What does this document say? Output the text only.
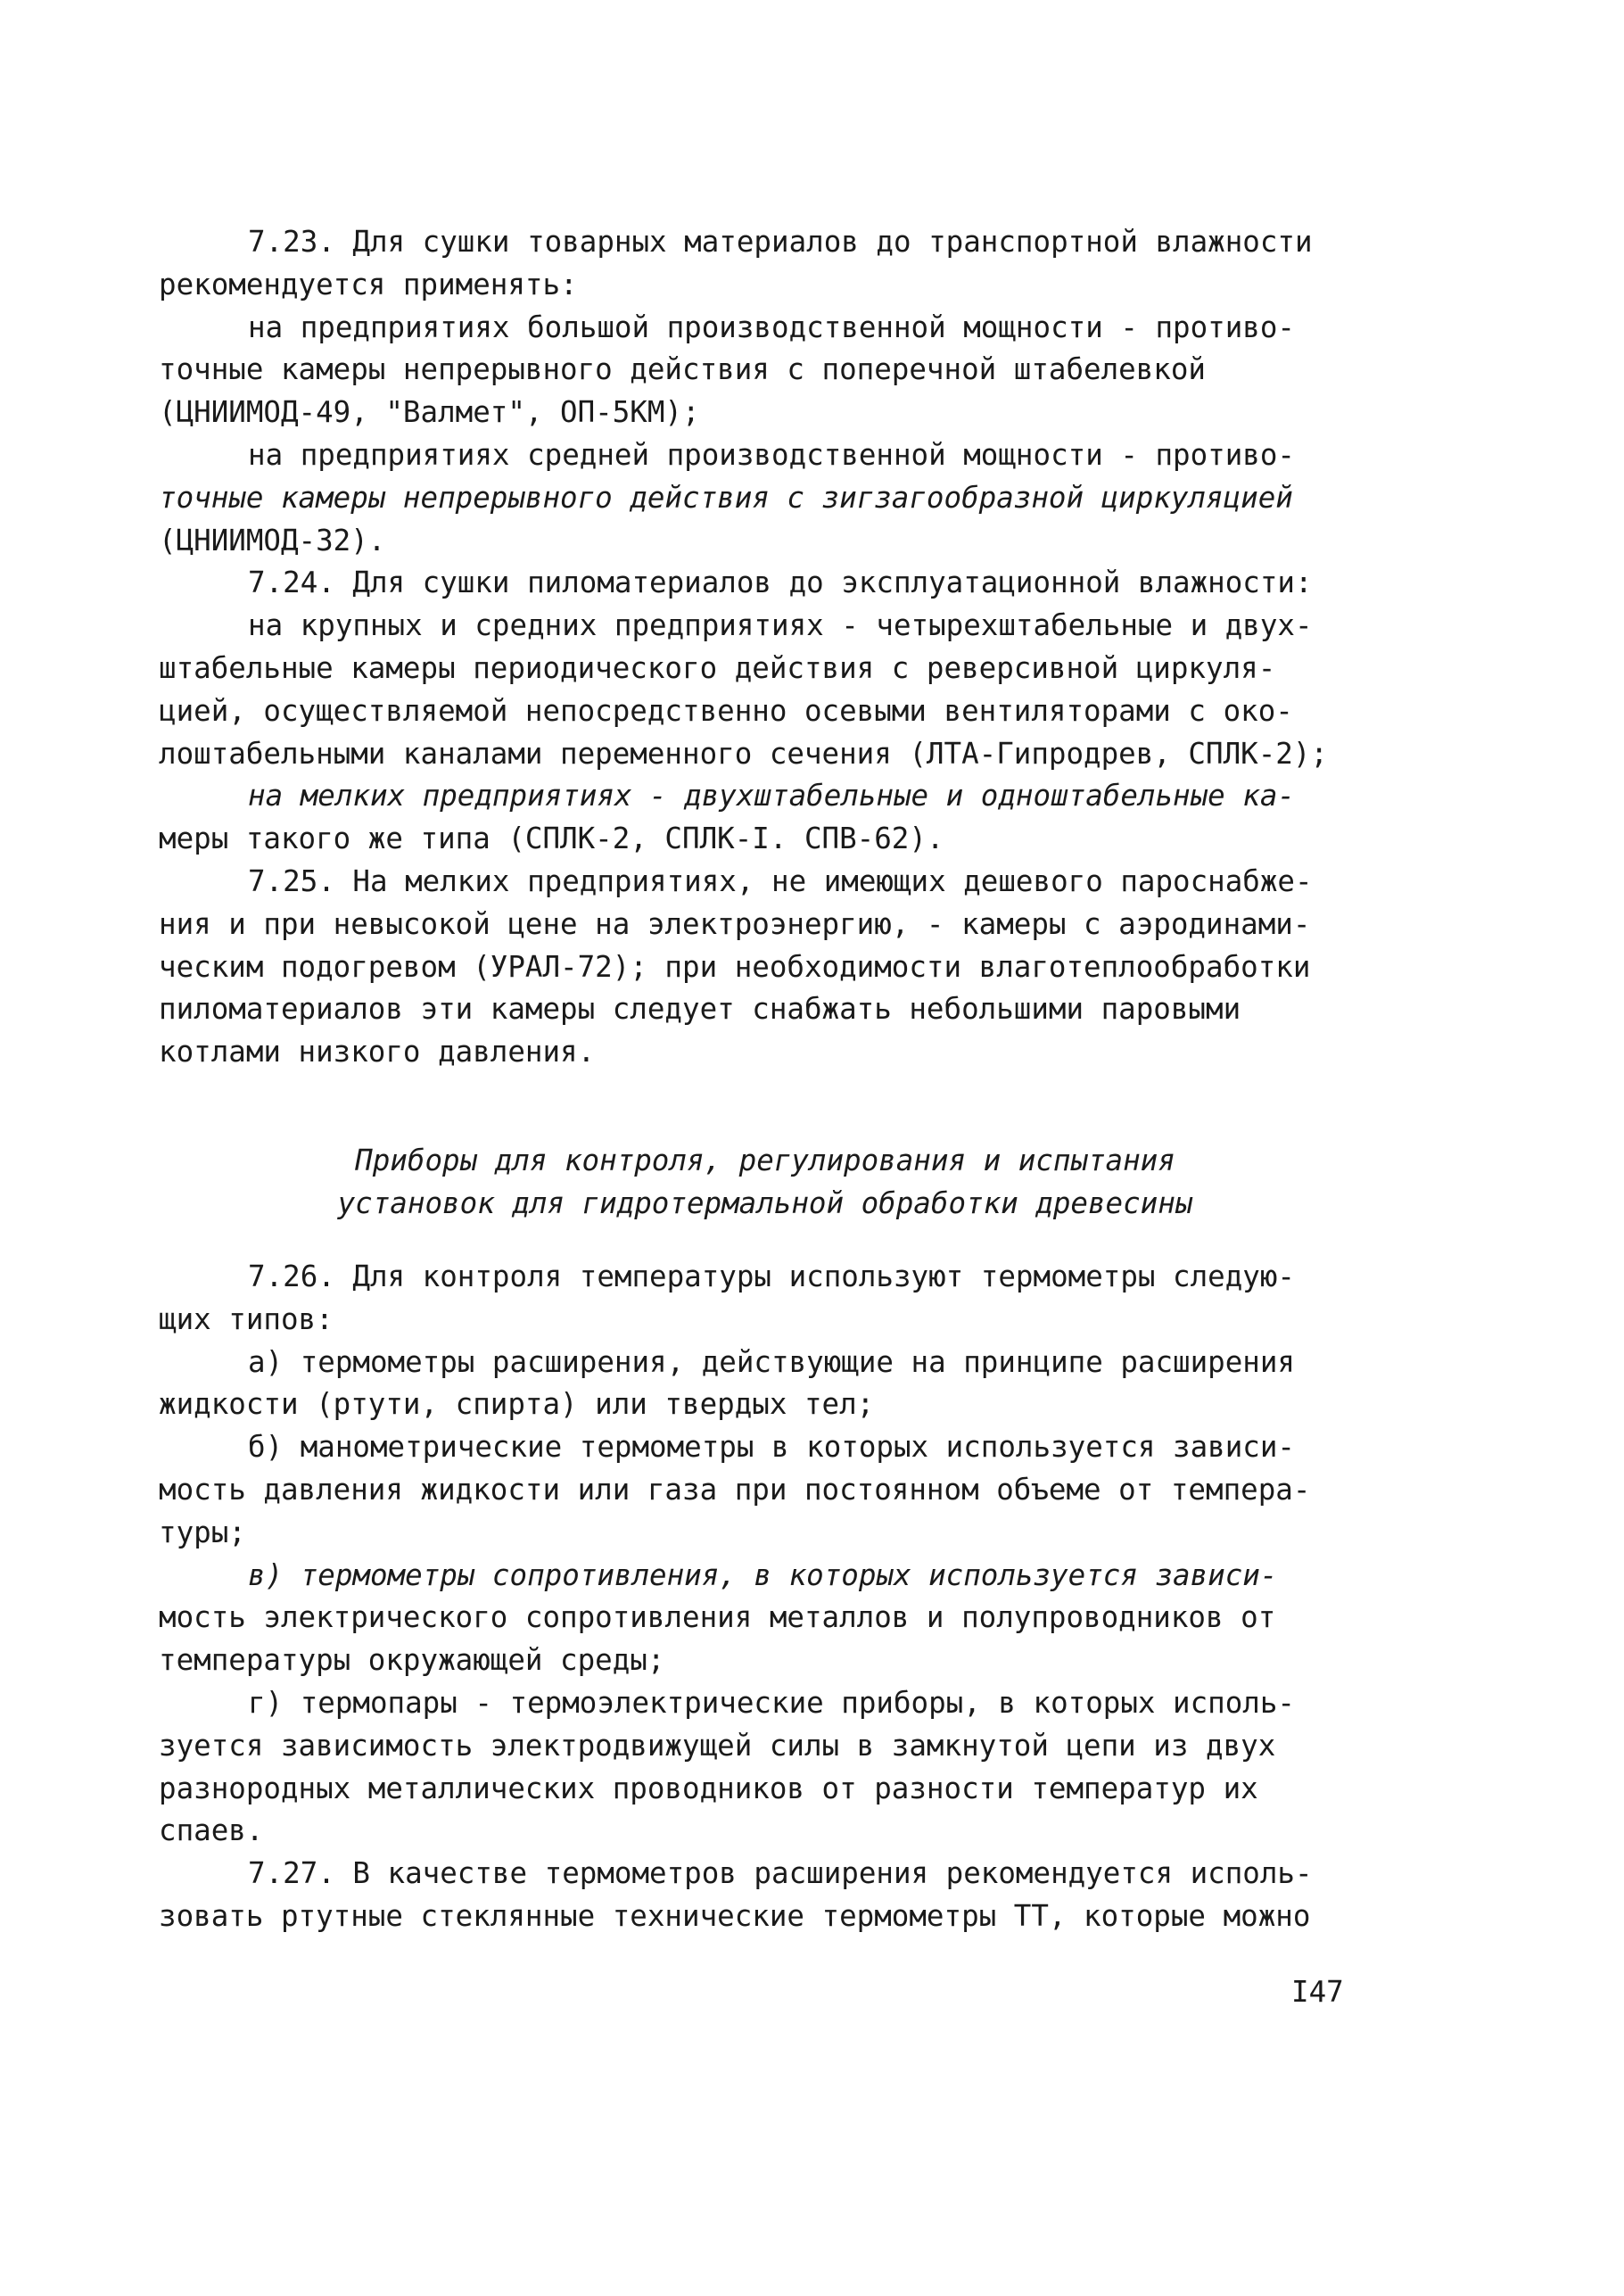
7.23. Для сушки товарных материалов до транспортной влажности
рекомендуется применять:
на предприятиях большой производственной мощности - противо-
точные камеры непрерывного действия с поперечной штабелевкой
(ЦНИИМОД-49, "Валмет", ОП-5КМ);
на предприятиях средней производственной мощности - противо-
точные камеры непрерывного действия с зигзагообразной циркуляцией
(ЦНИИМОД-32).
7.24. Для сушки пиломатериалов до эксплуатационной влажности:
на крупных и средних предприятиях - четырехштабельные и двух-
штабельные камеры периодического действия с реверсивной циркуля-
цией, осуществляемой непосредственно осевыми вентиляторами с око-
лоштабельными каналами переменного сечения (ЛТА-Гипродрев, СПЛК-2);
на мелких предприятиях - двухштабельные и одноштабельные ка-
меры такого же типа (СПЛК-2, СПЛК-I. СПВ-62).
7.25. На мелких предприятиях, не имеющих дешевого пароснабже-
ния и при невысокой цене на электроэнергию, - камеры с аэродинами-
ческим подогревом (УРАЛ-72); при необходимости влаготеплообработки
пиломатериалов эти камеры следует снабжать небольшими паровыми
котлами низкого давления.
Приборы для контроля, регулирования и испытания
установок для гидротермальной обработки древесины
7.26. Для контроля температуры используют термометры следую-
щих типов:
а) термометры расширения, действующие на принципе расширения
жидкости (ртути, спирта) или твердых тел;
б) манометрические термометры в которых используется зависи-
мость давления жидкости или газа при постоянном объеме от темпера-
туры;
в) термометры сопротивления, в которых используется зависи-
мость электрического сопротивления металлов и полупроводников от
температуры окружающей среды;
г) термопары - термоэлектрические приборы, в которых исполь-
зуется зависимость электродвижущей силы в замкнутой цепи из двух
разнородных металлических проводников от разности температур их
спаев.
7.27. В качестве термометров расширения рекомендуется исполь-
зовать ртутные стеклянные технические термометры ТТ, которые можно
I47
